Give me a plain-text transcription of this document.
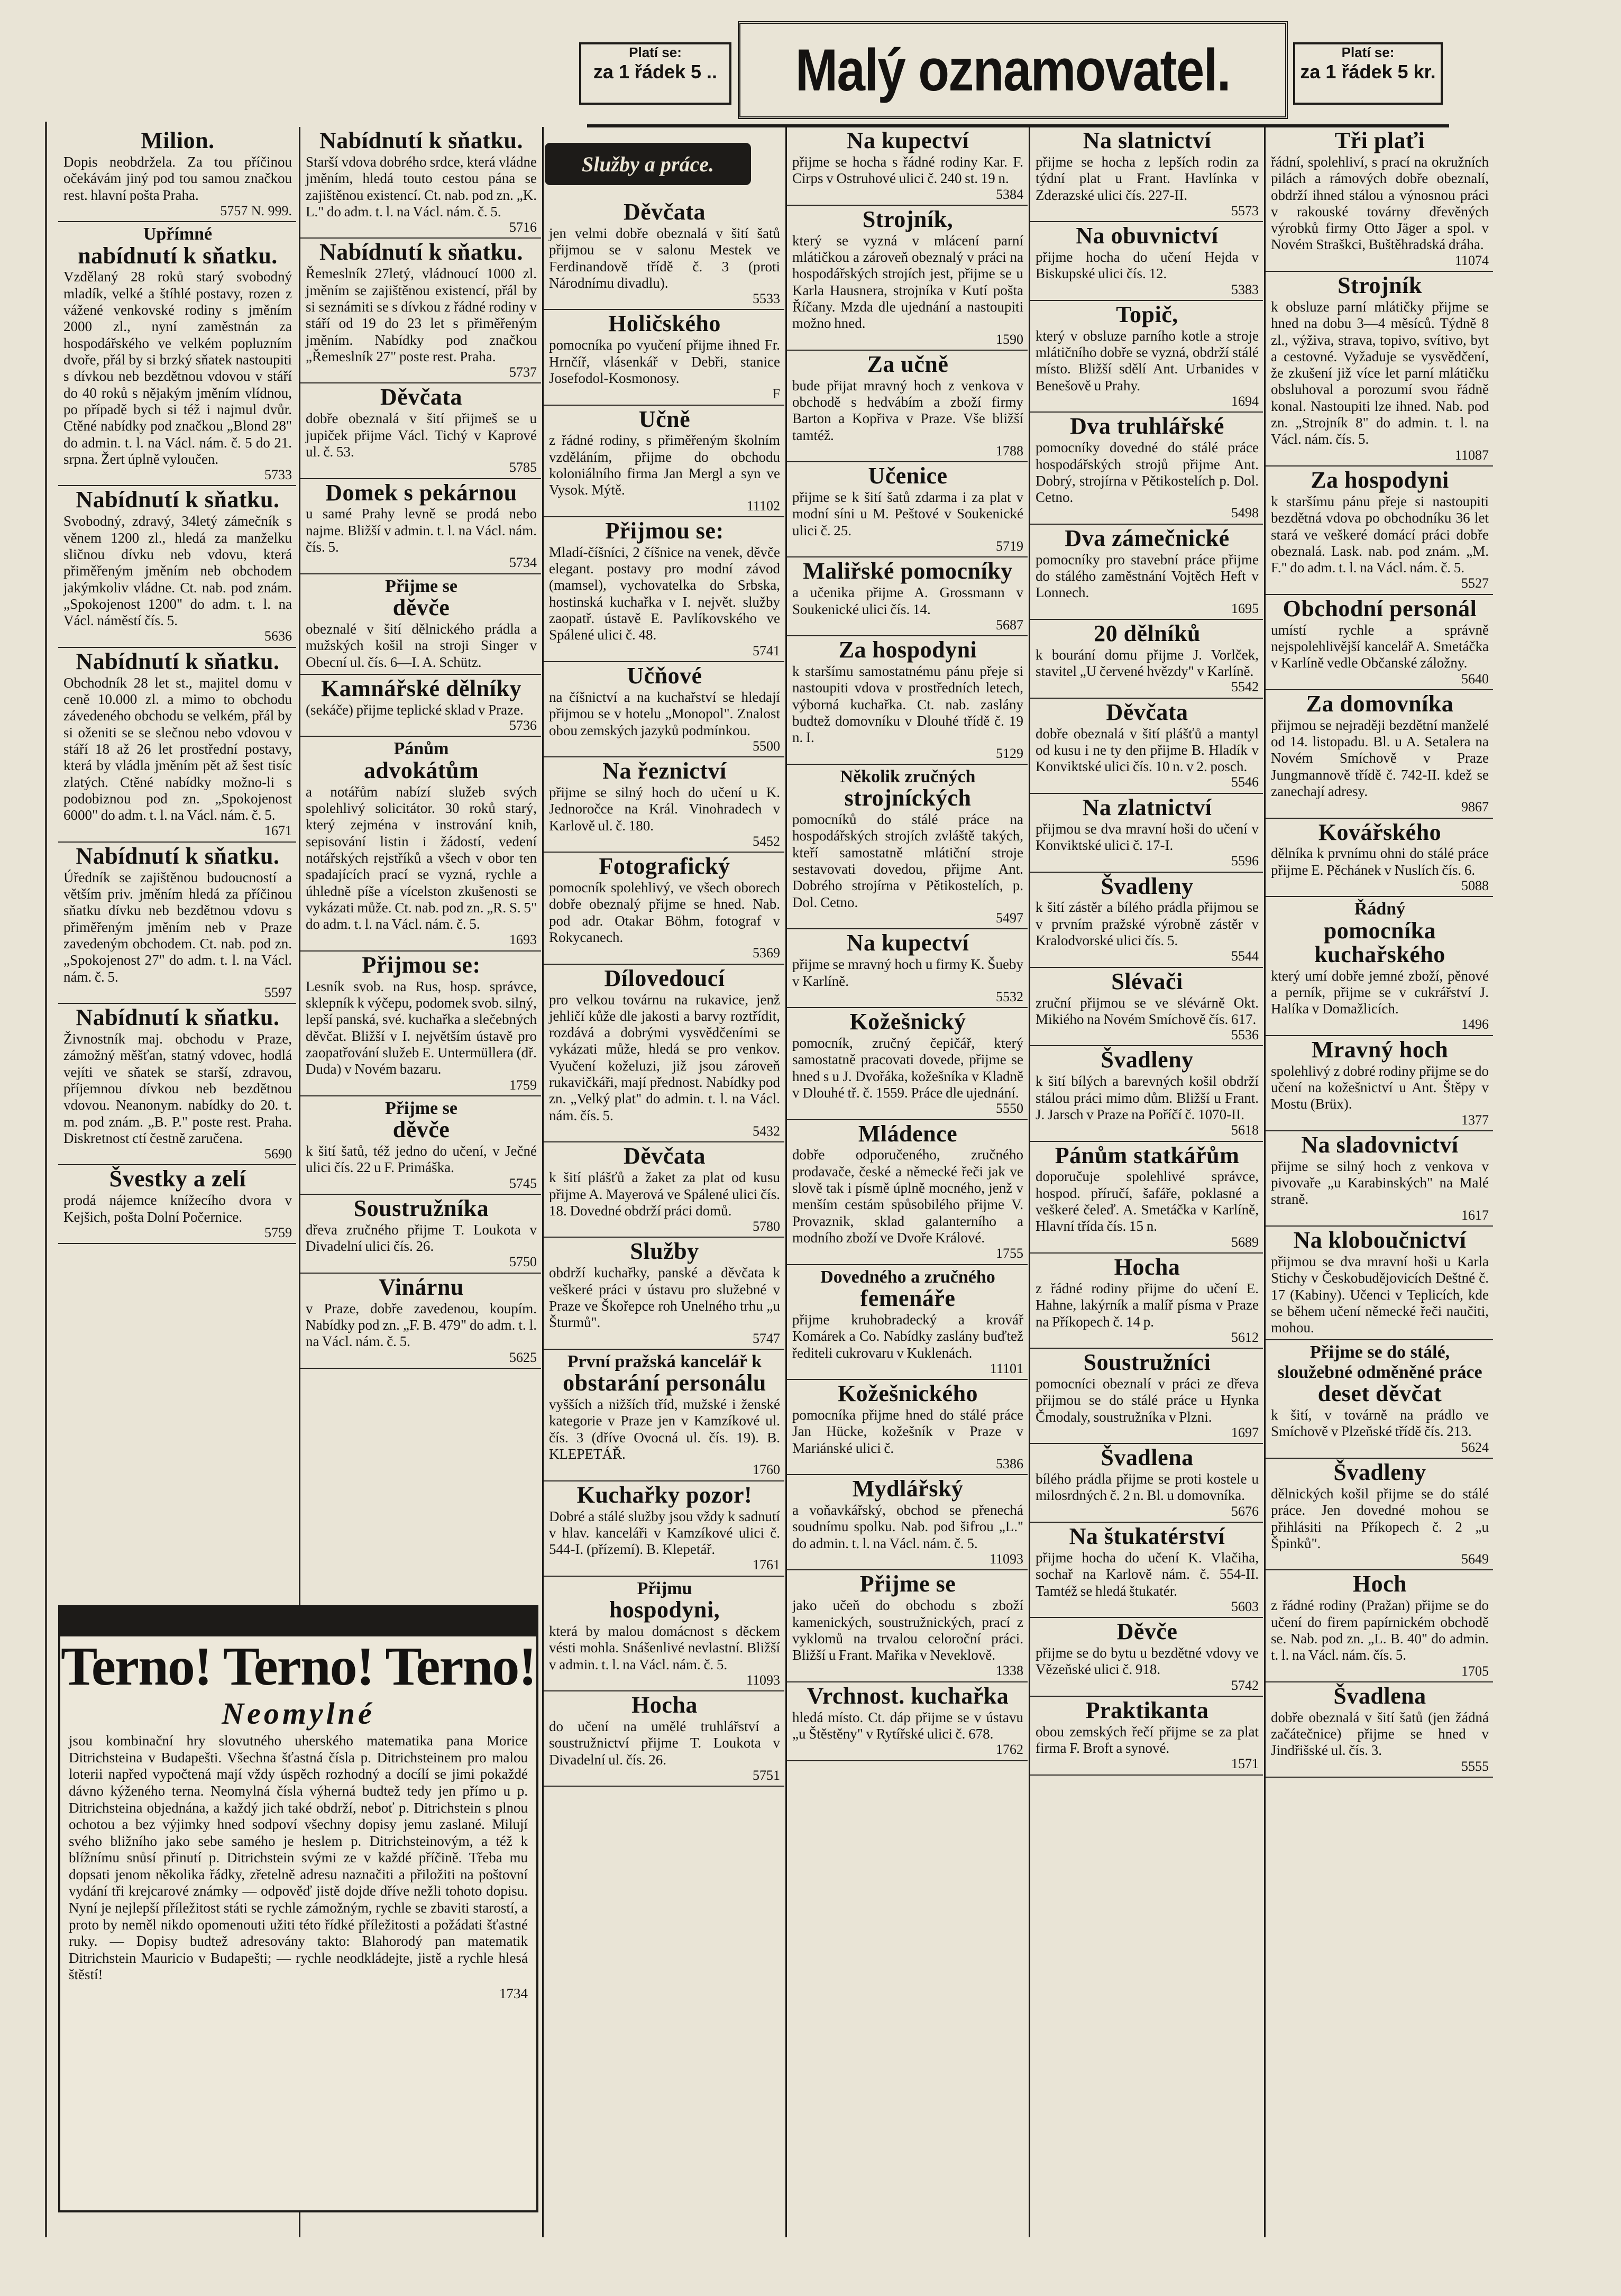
Platí se:
za 1 řádek 5 .. Malý oznamovatel.	Platí se:
za 1 řádek 5 kr.
Milion.

Dopis neobdržela. Za tou příčinou očekávám jiný pod tou samou značkou rest. hlavní pošta Praha.

5757 N. 999.
Upřímné
nabídnutí k sňatku.

Vzdělaný 28 roků starý svobodný mladík, velké a štíhlé postavy, rozen z vážené venkovské rodiny s jměním 2000 zl., nyní zaměstnán za hospodářského ve velkém popluzním dvoře, přál by si brzký sňatek nastoupiti s dívkou neb bezdětnou vdovou v stáří do 40 roků s nějakým jměním vlídnou, po případě bych si též i najmul dvůr. Ctěné nabídky pod značkou „Blond 28" do admin. t. l. na Václ. nám. č. 5 do 21. srpna. Žert úplně vyloučen.

5733
Nabídnutí k sňatku.

Svobodný, zdravý, 34letý zámečník s věnem 1200 zl., hledá za manželku sličnou dívku neb vdovu, která přiměřeným jměním neb obchodem jakýmkoliv vládne. Ct. nab. pod znám. „Spokojenost 1200" do adm. t. l. na Václ. náměstí čís. 5.

5636
Nabídnutí k sňatku.

Obchodník 28 let st., majitel domu v ceně 10.000 zl. a mimo to obchodu závedeného obchodu se velkém, přál by si oženiti se se slečnou nebo vdovou v stáří 18 až 26 let prostřední postavy, která by vládla jměním pět až šest tisíc zlatých. Ctěné nabídky možno-li s podobiznou pod zn. „Spokojenost 6000" do adm. t. l. na Václ. nám. č. 5.

1671
Nabídnutí k sňatku.

Úředník se zajištěnou budoucností a větším priv. jměním hledá za příčinou sňatku dívku neb bezdětnou vdovu s přiměřeným jměním neb v Praze zavedeným obchodem. Ct. nab. pod zn. „Spokojenost 27" do adm. t. l. na Václ. nám. č. 5.

5597
Nabídnutí k sňatku.

Živnostník maj. obchodu v Praze, zámožný měšťan, statný vdovec, hodlá vejíti ve sňatek se starší, zdravou, příjemnou dívkou neb bezdětnou vdovou. Neanonym. nabídky do 20. t. m. pod znám. „B. P." poste rest. Praha. Diskretnost ctí čestně zaručena.

5690
Švestky a zelí

prodá nájemce knížecího dvora v Kejšich, pošta Dolní Počernice.

5759
Nabídnutí k sňatku.

Starší vdova dobrého srdce, která vládne jměním, hledá touto cestou pána se zajištěnou existencí. Ct. nab. pod zn. „K. L." do adm. t. l. na Václ. nám. č. 5.

5716
Nabídnutí k sňatku.

Řemeslník 27letý, vládnoucí 1000 zl. jměním se zajištěnou existencí, přál by si seznámiti se s dívkou z řádné rodiny v stáří od 19 do 23 let s přiměřeným jměním. Nabídky pod značkou „Řemeslník 27" poste rest. Praha.

5737
Děvčata

dobře obeznalá v šití přijmeš se u jupiček přijme Václ. Tichý v Kaprové ul. č. 53.

5785
Domek s pekárnou

u samé Prahy levně se prodá nebo najme. Bližší v admin. t. l. na Václ. nám. čís. 5.

5734
Přijme se
děvče

obeznalé v šití dělnického prádla a mužských košil na stroji Singer v Obecní ul. čís. 6—I. A. Schütz.

Kamnářské dělníky

(sekáče) přijme teplické sklad v Praze.

5736
Pánům
advokátům

a notářům nabízí služeb svých spolehlivý solicitátor. 30 roků starý, který zejména v instrování knih, sepisování listin i žádostí, vedení notářských rejstříků a všech v obor ten spadajících prací se vyzná, rychle a úhledně píše a vícelston zkušenosti se vykázati může. Ct. nab. pod zn. „R. S. 5" do adm. t. l. na Václ. nám. č. 5.

1693
Přijmou se:

Lesník svob. na Rus, hosp. správce, sklepník k výčepu, podomek svob. silný, lepší panská, své. kuchařka a slečebných děvčat. Bližší v I. největším ústavě pro zaopatřování služeb E. Untermüllera (dř. Duda) v Novém bazaru.

1759
Přijme se
děvče

k šití šatů, též jedno do učení, v Ječné ulici čís. 22 u F. Primáška.

5745
Soustružníka

dřeva zručného přijme T. Loukota v Divadelní ulici čís. 26.

5750
Vinárnu

v Praze, dobře zavedenou, koupím. Nabídky pod zn. „F. B. 479" do adm. t. l. na Václ. nám. č. 5.

5625
Děvčata

jen velmi dobře obeznalá v šití šatů přijmou se v salonu Mestek ve Ferdinandově třídě č. 3 (proti Národnímu divadlu).

5533
Holičského

pomocníka po vyučení přijme ihned Fr. Hrnčíř, vlásenkář v Debři, stanice Josefodol-Kosmonosy.

F
Učně

z řádné rodiny, s přiměřeným školním vzděláním, přijme do obchodu koloniálního firma Jan Mergl a syn ve Vysok. Mýtě.

11102
Přijmou se:

Mladí-číšníci, 2 číšnice na venek, děvče elegant. postavy pro modní závod (mamsel), vychovatelka do Srbska, hostinská kuchařka v I. největ. služby zaopatř. ústavě E. Pavlíkovského ve Spálené ulici č. 48.

5741
Učňové

na číšnictví a na kuchařství se hledají přijmou se v hotelu „Monopol". Znalost obou zemských jazyků podmínkou.

5500
Na řeznictví

přijme se silný hoch do učení u K. Jednoročce na Král. Vinohradech v Karlově ul. č. 180.

5452
Fotografický

pomocník spolehlivý, ve všech oborech dobře obeznalý přijme se hned. Nab. pod adr. Otakar Böhm, fotograf v Rokycanech.

5369
Dílovedoucí

pro velkou továrnu na rukavice, jenž jehličí kůže dle jakosti a barvy roztřídit, rozdává a dobrými vysvědčeními se vykázati může, hledá se pro venkov. Vyučení koželuzi, již jsou zároveň rukavičkáři, mají přednost. Nabídky pod zn. „Velký plat" do admin. t. l. na Václ. nám. čís. 5.

5432
Děvčata

k šití plášťů a žaket za plat od kusu přijme A. Mayerová ve Spálené ulici čís. 18. Dovedné obdrží práci domů.

5780
Služby

obdrží kuchařky, panské a děvčata k veškeré práci v ústavu pro služebné v Praze ve Škořepce roh Unelného trhu „u Šturmů".

5747
První pražská kancelář k
obstarání personálu

vyšších a nižších tříd, mužské i ženské kategorie v Praze jen v Kamzíkové ul. čís. 3 (dříve Ovocná ul. čís. 19). B. KLEPETÁŘ.

1760
Kuchařky pozor!

Dobré a stálé služby jsou vždy k sadnutí v hlav. kanceláři v Kamzíkové ulici č. 544-I. (přízemí). B. Klepetář.

1761
Přijmu
hospodyni,

která by malou domácnost s děckem vésti mohla. Snášenlivé nevlastní. Bližší v admin. t. l. na Václ. nám. č. 5.

11093
Hocha

do učení na umělé truhlářství a soustružnictví přijme T. Loukota v Divadelní ul. čís. 26.

5751
Na kupectví

přijme se hocha s řádné rodiny Kar. F. Cirps v Ostruhové ulici č. 240 st. 19 n.

5384
Strojník,

který se vyzná v mlácení parní mlátičkou a zároveň obeznalý v práci na hospodářských strojích jest, přijme se u Karla Hausnera, strojníka v Kutí pošta Říčany. Mzda dle ujednání a nastoupiti možno hned.

1590
Za učně

bude přijat mravný hoch z venkova v obchodě s hedvábím a zboží firmy Barton a Kopřiva v Praze. Vše bližší tamtéž.

1788
Učenice

přijme se k šití šatů zdarma i za plat v modní síni u M. Peštové v Soukenické ulici č. 25.

5719
Maliřské pomocníky

a učenika přijme A. Grossmann v Soukenické ulici čís. 14.

5687
Za hospodyni

k staršímu samostatnému pánu přeje si nastoupiti vdova v prostředních letech, výborná kuchařka. Ct. nab. zaslány budtež domovníku v Dlouhé třídě č. 19 n. I.

5129
Několik zručných
strojníckých

pomocníků do stálé práce na hospodářských strojích zvláště takých, kteří samostatně mlátiční stroje sestavovati dovedou, přijme Ant. Dobrého strojírna v Pětikostelích, p. Dol. Cetno.

5497
Na kupectví

přijme se mravný hoch u firmy K. Šueby v Karlíně.

5532
Kožešnický

pomocník, zručný čepičář, který samostatně pracovati dovede, přijme se hned s u J. Dvořáka, kožešníka v Kladně v Dlouhé tř. č. 1559. Práce dle ujednání.

5550
Mládence

dobře odporučeného, zručného prodavače, české a německé řeči jak ve slově tak i písmě úplně mocného, jenž v menším cestám spůsobilého přijme V. Provaznik, sklad galanterního a modního zboží ve Dvoře Králové.

1755
Dovedného a zručného
femenáře

přijme kruhobradecký a krovář Komárek a Co. Nabídky zaslány buďtež řediteli cukrovaru v Kuklenách.

11101
Kožešnického

pomocníka přijme hned do stálé práce Jan Hücke, kožešník v Praze v Mariánské ulici č.

5386
Mydlářský

a voňavkářský, obchod se přenechá soudnímu spolku. Nab. pod šifrou „L." do admin. t. l. na Václ. nám. č. 5.

11093
Přijme se

jako učeň do obchodu s zboží kamenických, soustružnických, prací z vyklomů na trvalou celoroční práci. Bližší u Frant. Mařika v Neveklově.

1338
Vrchnost. kuchařka

hledá místo. Ct. dáp přijme se v ústavu „u Štěstěny" v Rytířské ulici č. 678.

1762
Na slatnictví

přijme se hocha z lepších rodin za týdní plat u Frant. Havlínka v Zderazské ulici čís. 227-II.

5573
Na obuvnictví

přijme hocha do učení Hejda v Biskupské ulici čís. 12.

5383
Topič,

který v obsluze parního kotle a stroje mlátičního dobře se vyzná, obdrží stálé místo. Bližší sdělí Ant. Urbanides v Benešově u Prahy.

1694
Dva truhlářské

pomocníky dovedné do stálé práce hospodářských strojů přijme Ant. Dobrý, strojírna v Pětikostelích p. Dol. Cetno.

5498
Dva zámečnické

pomocníky pro stavební práce přijme do stálého zaměstnání Vojtěch Heft v Lonnech.

1695
20 dělníků

k bourání domu přijme J. Vorlček, stavitel „U červené hvězdy" v Karlíně.

5542
Děvčata

dobře obeznalá v šití plášťů a mantyl od kusu i ne ty den přijme B. Hladík v Konviktské ulici čís. 10 n. v 2. posch.

5546
Na zlatnictví

přijmou se dva mravní hoši do učení v Konviktské ulici č. 17-I.

5596
Švadleny

k šití zástěr a bílého prádla přijmou se v prvním pražské výrobně zástěr v Kralodvorské ulici čís. 5.

5544
Slévači

zruční přijmou se ve slévárně Okt. Mikiého na Novém Smíchově čís. 617.

5536
Švadleny

k šití bílých a barevných košil obdrží stálou práci mimo dům. Bližší u Frant. J. Jarsch v Praze na Poříčí č. 1070-II.

5618
Pánům statkářům

doporučuje spolehlivé správce, hospod. příručí, šafáře, poklasné a veškeré čeleď. A. Smetáčka v Karlíně, Hlavní třída čís. 15 n.

5689
Hocha

z řádné rodiny přijme do učení E. Hahne, lakýrník a malíř písma v Praze na Příkopech č. 14 p.

5612
Soustružníci

pomocníci obeznalí v práci ze dřeva přijmou se do stálé práce u Hynka Čmodaly, soustružníka v Plzni.

1697
Švadlena

bílého prádla přijme se proti kostele u milosrdných č. 2 n. Bl. u domovníka.

5676
Na štukatérství

přijme hocha do učení K. Vlačiha, sochař na Karlově nám. č. 554-II. Tamtéž se hledá štukatér.

5603
Děvče

přijme se do bytu u bezdětné vdovy ve Vězeňské ulici č. 918.

5742
Praktikanta

obou zemských řečí přijme se za plat firma F. Broft a synové.

1571
Tři plaťi

řádní, spolehliví, s prací na okružních pilách a rámových dobře obeznalí, obdrží ihned stálou a výnosnou práci v rakouské továrny dřevěných výrobků firmy Otto Jäger a spol. v Novém Straškci, Buštěhradská dráha.

11074
Strojník

k obsluze parní mlátičky přijme se hned na dobu 3—4 měsíců. Týdně 8 zl., výživa, strava, topivo, svítivo, byt a cestovné. Vyžaduje se vysvědčení, že zkušení již více let parní mlátičku obsluhoval a porozumí svou řádně konal. Nastoupiti lze ihned. Nab. pod zn. „Strojník 8" do admin. t. l. na Václ. nám. čís. 5.

11087
Za hospodyni

k staršímu pánu přeje si nastoupiti bezdětná vdova po obchodníku 36 let stará ve veškeré domácí práci dobře obeznalá. Lask. nab. pod znám. „M. F." do adm. t. l. na Václ. nám. č. 5.

5527
Obchodní personál

umístí rychle a správně nejspolehlivější kancelář A. Smetáčka v Karlíně vedle Občanské záložny.

5640
Za domovníka

přijmou se nejraději bezdětní manželé od 14. listopadu. Bl. u A. Setalera na Novém Smíchově v Praze Jungmannově třídě č. 742-II. kdež se zanechají adresy.

9867
Kovářského

dělníka k prvnímu ohni do stálé práce přijme E. Pěchánek v Nuslích čís. 6.

5088
Řádný
pomocníka kuchařského

který umí dobře jemné zboží, pěnové a perník, přijme se v cukrářství J. Halíka v Domažlicích.

1496
Mravný hoch

spolehlivý z dobré rodiny přijme se do učení na kožešnictví u Ant. Štěpy v Mostu (Brüx).

1377
Na sladovnictví

přijme se silný hoch z venkova v pivovaře „u Karabinských" na Malé straně.

1617
Na kloboučnictví

přijmou se dva mravní hoši u Karla Stichy v Českobudějovicích Deštné č. 17 (Kabiny). Učenci v Teplicích, kde se během učení německé řeči naučiti, mohou.

Přijme se do stálé, sloužebné odměněné práce
deset děvčat

k šití, v továrně na prádlo ve Smíchově v Plzeňské třídě čís. 213.

5624
Švadleny

dělnických košil přijme se do stálé práce. Jen dovedné mohou se přihlásiti na Příkopech č. 2 „u Špinků".

5649
Hoch

z řádné rodiny (Pražan) přijme se do učení do firem papírnickém obchodě se. Nab. pod zn. „L. B. 40" do admin. t. l. na Václ. nám. čís. 5.

1705
Švadlena

dobře obeznalá v šití šatů (jen žádná začátečnice) přijme se hned v Jindřišské ul. čís. 3.

5555
Terno! Terno! Terno!
Neomylné

jsou kombinační hry slovutného uherského matematika pana Morice Ditrichsteina v Budapešti. Všechna šťastná čísla p. Ditrichsteinem pro malou loterii napřed vypočtená mají vždy úspěch rozhodný a docílí se jimi pokaždé dávno kýženého terna. Neomylná čísla výherná budtež tedy jen přímo u p. Ditrichsteina objednána, a každý jich také obdrží, neboť p. Ditrichstein s plnou ochotou a bez výjimky hned sodpoví všechny dopisy jemu zaslané. Milují svého bližního jako sebe samého je heslem p. Ditrichsteinovým, a též k blížnímu snůsí přinutí p. Ditrichstein svými ze v každé příčině. Třeba mu dopsati jenom několika řádky, zřetelně adresu naznačiti a přiložiti na poštovní vydání tři krejcarové známky — odpověď jistě dojde dříve nežli tohoto dopisu. Nyní je nejlepší příležitost státi se rychle zámožným, rychle se zbaviti starostí, a proto by neměl nikdo opomenouti užiti této řídké příležitosti a požádati šťastné ruky. — Dopisy budtež adresovány takto: Blahorodý pan matematik Ditrichstein Mauricio v Budapešti; — rychle neodkládejte, jistě a rychle hlesá štěstí!

1734
Služby a práce.
